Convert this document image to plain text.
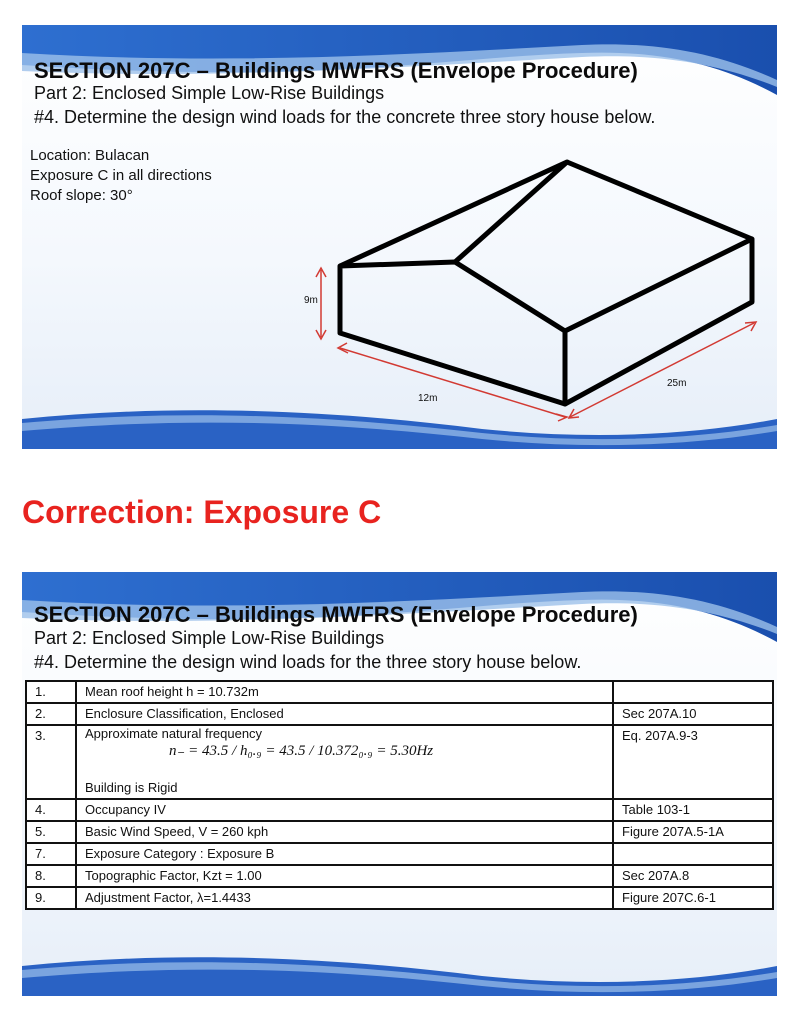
SECTION 207C – Buildings MWFRS (Envelope Procedure)
Part 2: Enclosed Simple Low-Rise Buildings
#4. Determine the design wind loads for the concrete three story house below.
Location: Bulacan
Exposure C in all directions
Roof slope: 30°
9m
12m
25m
Correction: Exposure C
SECTION 207C – Buildings MWFRS (Envelope Procedure)
Part 2: Enclosed Simple Low-Rise Buildings
#4. Determine the design wind loads for the three story house below.
1.	Mean roof height h = 10.732m	
2.	Enclosure Classification, Enclosed	Sec 207A.10
3.	Approximate natural frequency
n₋ = 43.5 / h₀.₉ = 43.5 / 10.372₀.₉ = 5.30Hz
Building is Rigid	Eq. 207A.9-3
4.	Occupancy IV	Table 103-1
5.	Basic Wind Speed, V = 260 kph	Figure 207A.5-1A
7.	Exposure Category : Exposure B	
8.	Topographic Factor, Kzt = 1.00	Sec 207A.8
9.	Adjustment Factor, λ=1.4433	Figure 207C.6-1
